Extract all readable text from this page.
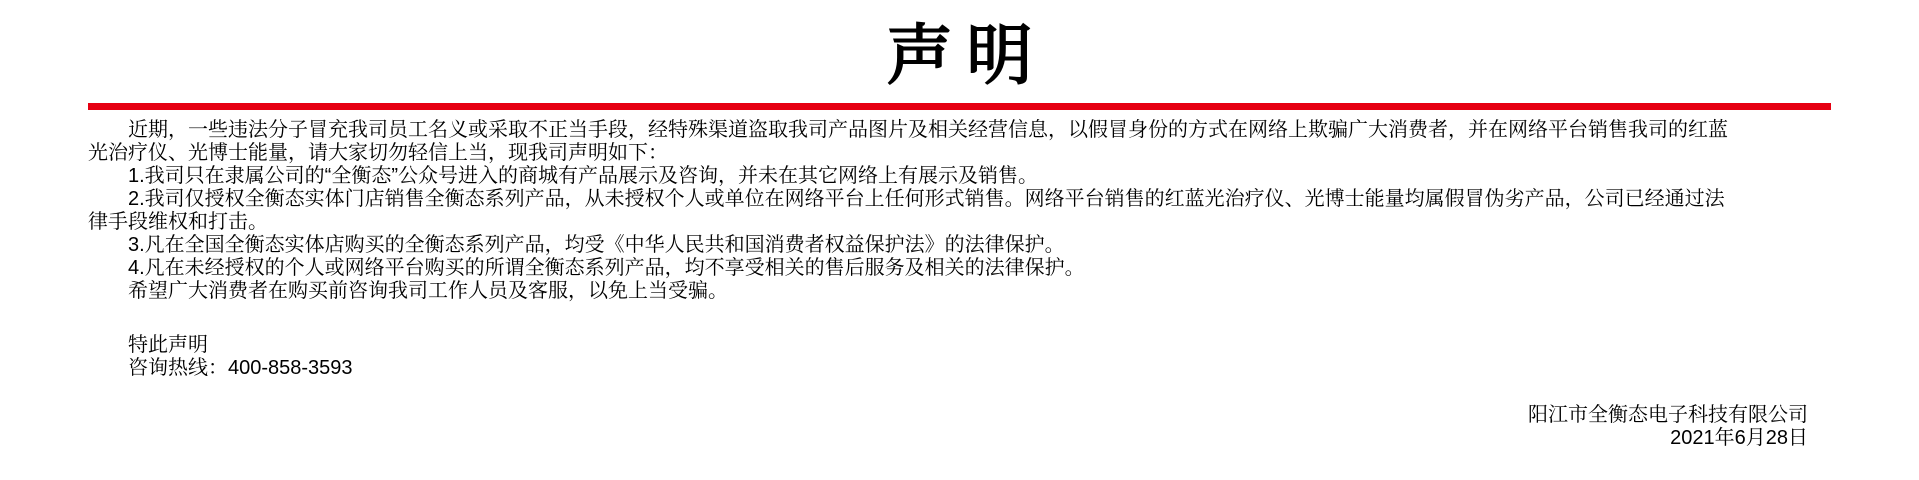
声明

近期，一些违法分子冒充我司员工名义或采取不正当手段，经特殊渠道盗取我司产品图片及相关经营信息，以假冒身份的方式在网络上欺骗广大消费者，并在网络平台销售我司的红蓝光治疗仪、光博士能量，请大家切勿轻信上当，现我司声明如下：

1.我司只在隶属公司的“全衡态”公众号进入的商城有产品展示及咨询，并未在其它网络上有展示及销售。

2.我司仅授权全衡态实体门店销售全衡态系列产品，从未授权个人或单位在网络平台上任何形式销售。网络平台销售的红蓝光治疗仪、光博士能量均属假冒伪劣产品，公司已经通过法律手段维权和打击。

3.凡在全国全衡态实体店购买的全衡态系列产品，均受《中华人民共和国消费者权益保护法》的法律保护。

4.凡在未经授权的个人或网络平台购买的所谓全衡态系列产品，均不享受相关的售后服务及相关的法律保护。

希望广大消费者在购买前咨询我司工作人员及客服，以免上当受骗。

特此声明

咨询热线：400-858-3593

阳江市全衡态电子科技有限公司
2021年6月28日
